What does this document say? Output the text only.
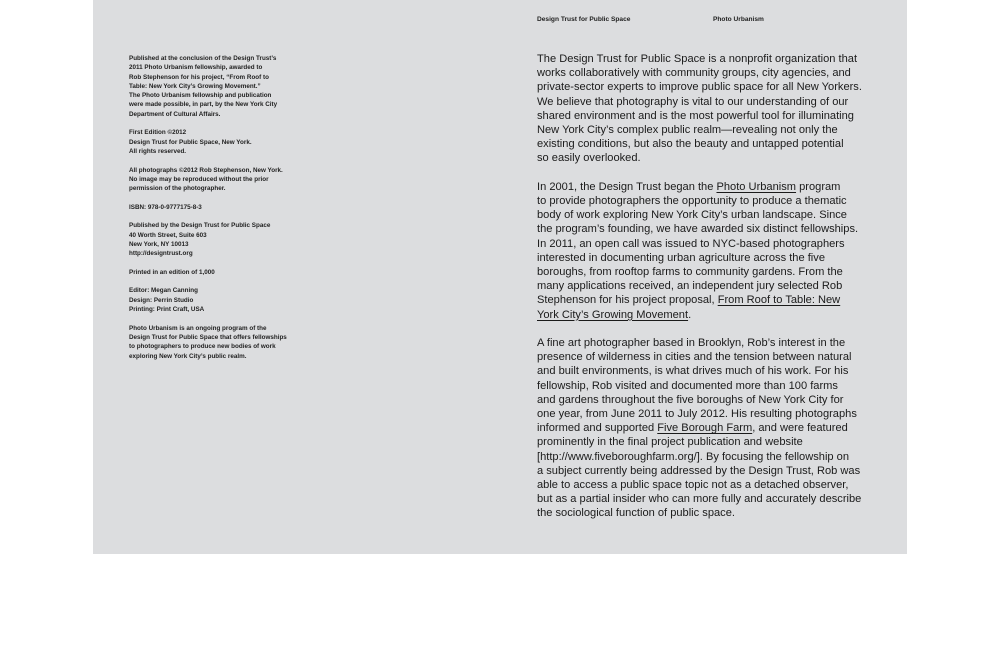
Design Trust for Public Space	Photo Urbanism

Published at the conclusion of the Design Trust’s
2011 Photo Urbanism fellowship, awarded to
Rob Stephenson for his project, “From Roof to
Table: New York City’s Growing Movement.”
The Photo Urbanism fellowship and publication
were made possible, in part, by the New York City
Department of Cultural Affairs.

First Edition ©2012
Design Trust for Public Space, New York.
All rights reserved.

All photographs ©2012 Rob Stephenson, New York.
No image may be reproduced without the prior
permission of the photographer.

ISBN: 978-0-9777175-8-3

Published by the Design Trust for Public Space
40 Worth Street, Suite 603
New York, NY 10013
http://designtrust.org

Printed in an edition of 1,000

Editor: Megan Canning
Design: Perrin Studio
Printing: Print Craft, USA

Photo Urbanism is an ongoing program of the
Design Trust for Public Space that offers fellowships
to photographers to produce new bodies of work
exploring New York City’s public realm.

The Design Trust for Public Space is a nonprofit organization that
works collaboratively with community groups, city agencies, and
private-sector experts to improve public space for all New Yorkers.
We believe that photography is vital to our understanding of our
shared environment and is the most powerful tool for illuminating
New York City’s complex public realm—revealing not only the
existing conditions, but also the beauty and untapped potential
so easily overlooked.

In 2001, the Design Trust began the Photo Urbanism program
to provide photographers the opportunity to produce a thematic
body of work exploring New York City’s urban landscape. Since
the program’s founding, we have awarded six distinct fellowships.
In 2011, an open call was issued to NYC-based photographers
interested in documenting urban agriculture across the five
boroughs, from rooftop farms to community gardens. From the
many applications received, an independent jury selected Rob
Stephenson for his project proposal, From Roof to Table: New
York City’s Growing Movement.

A fine art photographer based in Brooklyn, Rob’s interest in the
presence of wilderness in cities and the tension between natural
and built environments, is what drives much of his work. For his
fellowship, Rob visited and documented more than 100 farms
and gardens throughout the five boroughs of New York City for
one year, from June 2011 to July 2012. His resulting photographs
informed and supported Five Borough Farm, and were featured
prominently in the final project publication and website
[http://www.fiveboroughfarm.org/]. By focusing the fellowship on
a subject currently being addressed by the Design Trust, Rob was
able to access a public space topic not as a detached observer,
but as a partial insider who can more fully and accurately describe
the sociological function of public space.
